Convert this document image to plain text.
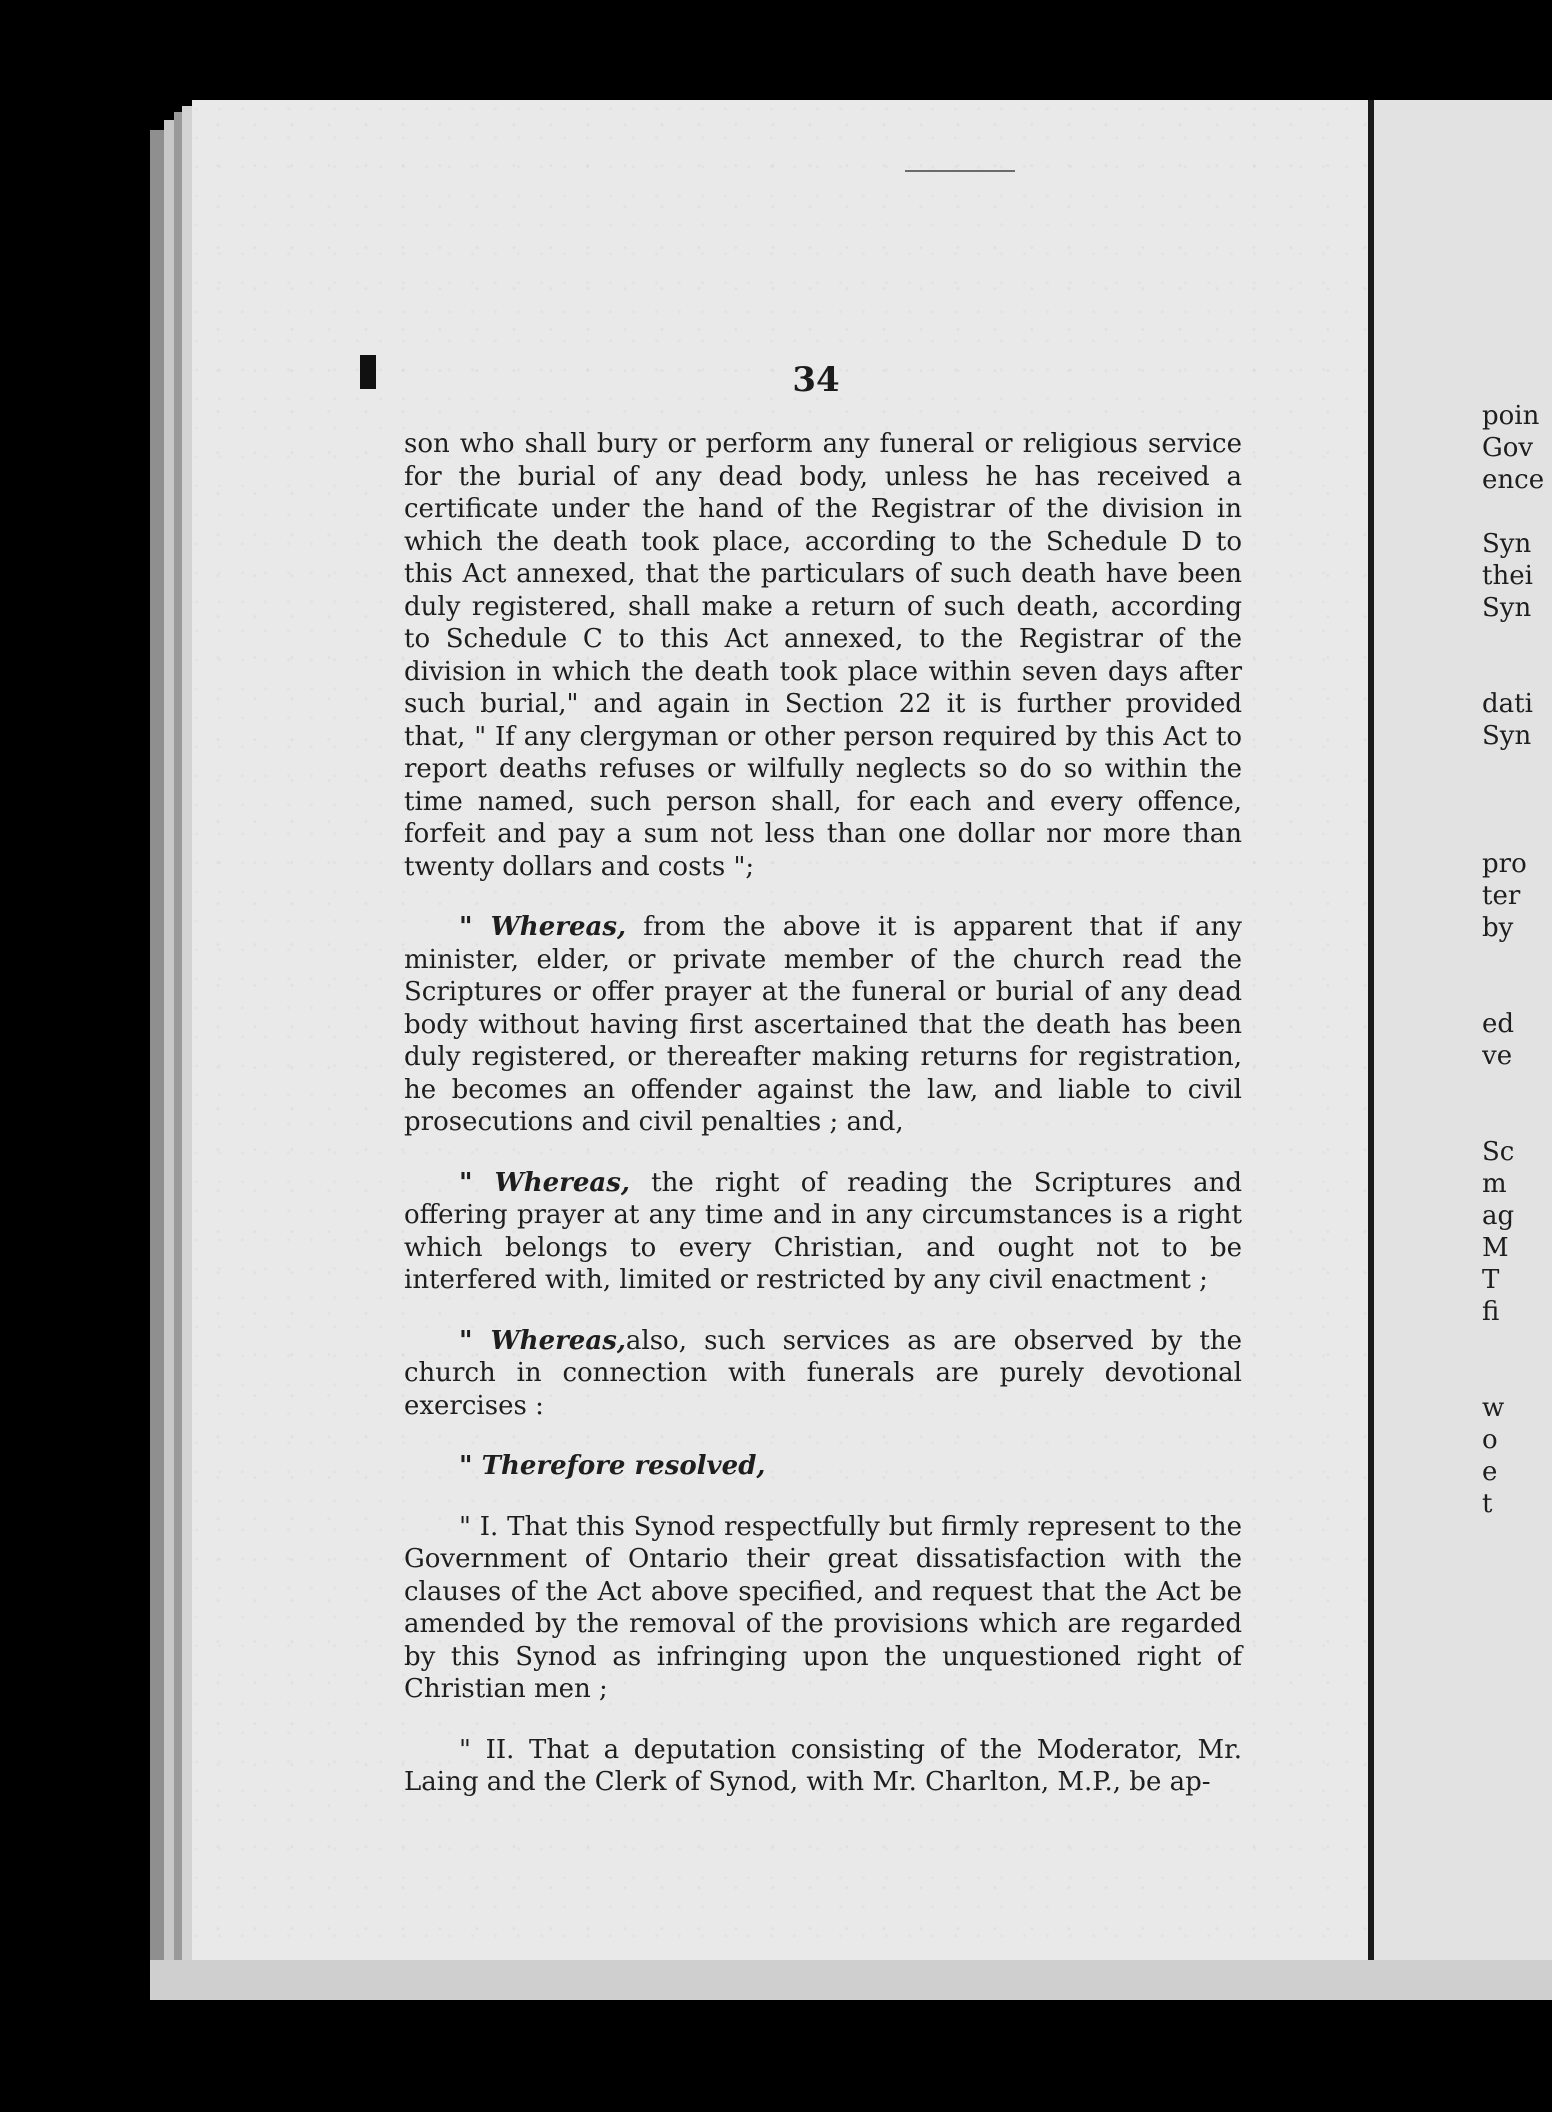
34

son who shall bury or perform any funeral or religious service for the burial of any dead body, unless he has received a certificate under the hand of the Registrar of the division in which the death took place, according to the Schedule D to this Act annexed, that the particulars of such death have been duly registered, shall make a return of such death, according to Schedule C to this Act annexed, to the Registrar of the division in which the death took place within seven days after such burial," and again in Section 22 it is further provided that, " If any clergyman or other person required by this Act to report deaths refuses or wilfully neglects so do so within the time named, such person shall, for each and every offence, forfeit and pay a sum not less than one dollar nor more than twenty dollars and costs ";

" Whereas, from the above it is apparent that if any minister, elder, or private member of the church read the Scriptures or offer prayer at the funeral or burial of any dead body without having first ascertained that the death has been duly registered, or thereafter making returns for registration, he becomes an offender against the law, and liable to civil prosecutions and civil penalties ; and,

" Whereas, the right of reading the Scriptures and offering prayer at any time and in any circumstances is a right which belongs to every Christian, and ought not to be interfered with, limited or restricted by any civil enactment ;

" Whereas,also, such services as are observed by the church in connection with funerals are purely devotional exercises :

" Therefore resolved,

" I. That this Synod respectfully but firmly represent to the Government of Ontario their great dissatisfaction with the clauses of the Act above specified, and request that the Act be amended by the removal of the provisions which are regarded by this Synod as infringing upon the unquestioned right of Christian men ;

" II. That a deputation consisting of the Moderator, Mr. Laing and the Clerk of Synod, with Mr. Charlton, M.P., be ap-

poin
Gov
ence
Syn
thei
Syn
dati
Syn
pro
ter
by
ed
ve
Sc
m
ag
M
T
fi
w
o
e
t
